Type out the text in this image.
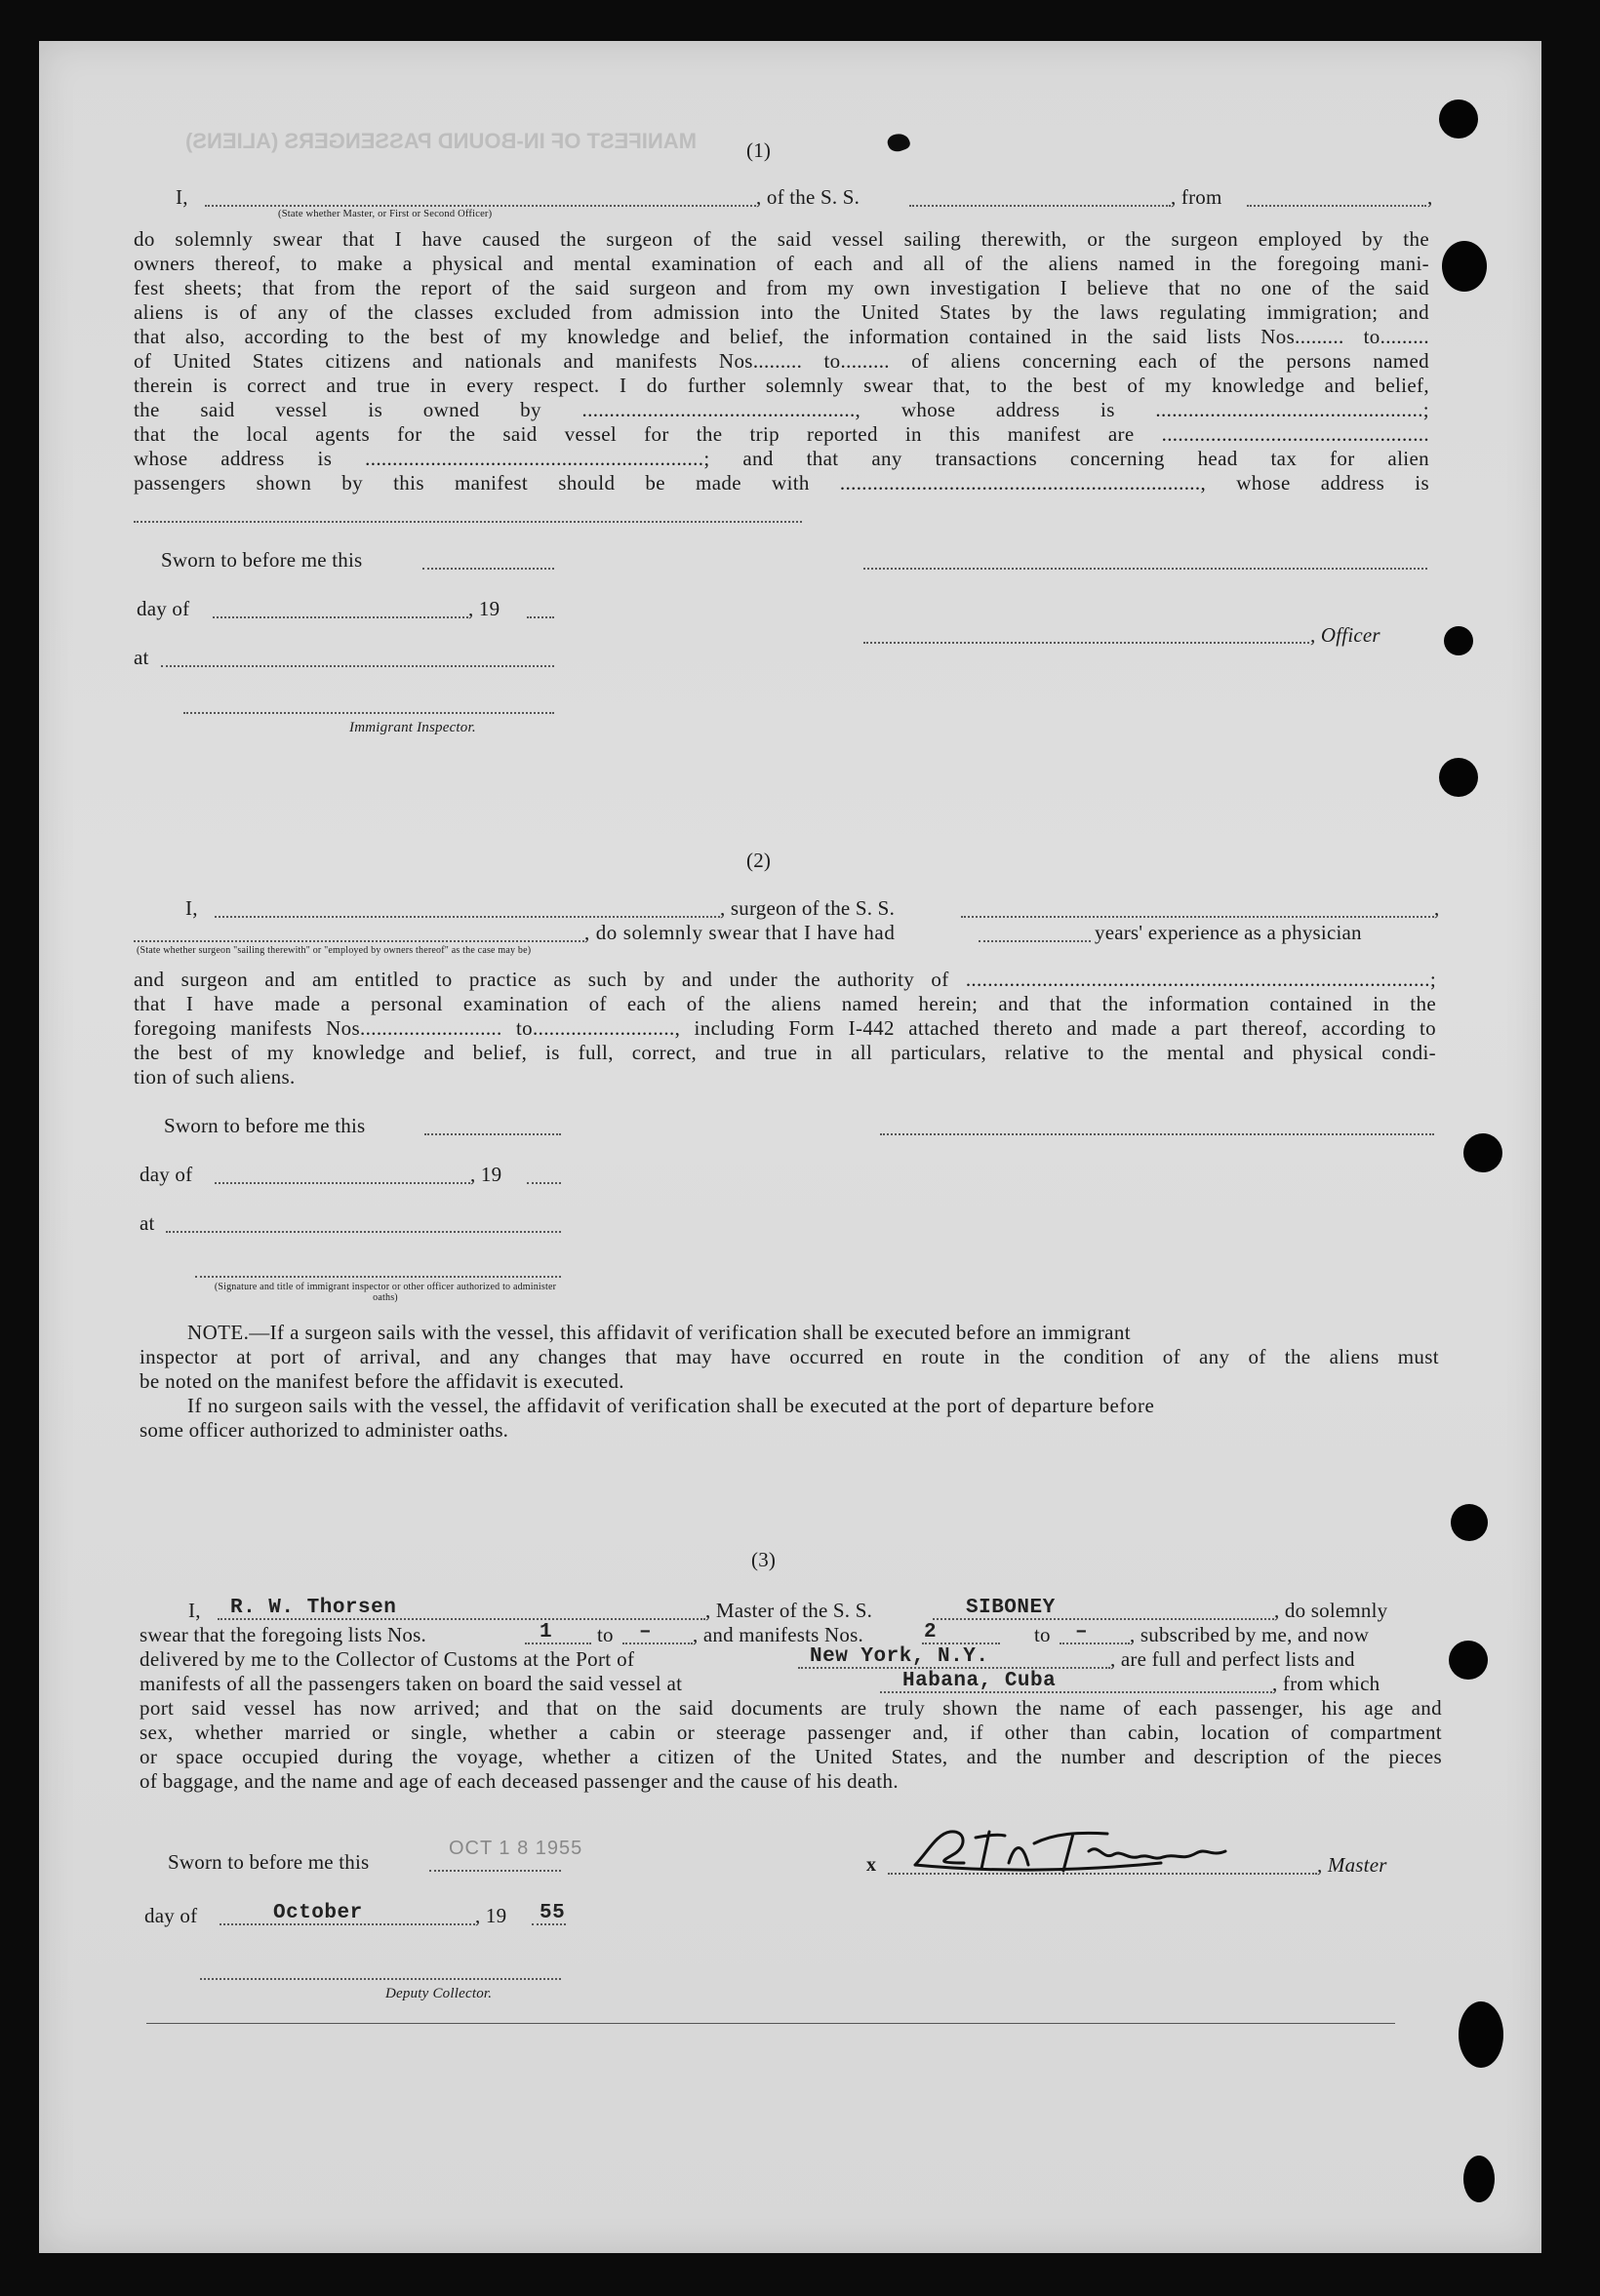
MANIFEST OF IN-BOUND PASSENGERS (ALIENS) (1)
I,	, of the S. S.	, from	,
(State whether Master, or First or Second Officer)
do solemnly swear that I have caused the surgeon of the said vessel sailing therewith, or the surgeon employed by the
owners thereof, to make a physical and mental examination of each and all of the aliens named in the foregoing mani-
fest sheets; that from the report of the said surgeon and from my own investigation I believe that no one of the said
aliens is of any of the classes excluded from admission into the United States by the laws regulating immigration; and
that also, according to the best of my knowledge and belief, the information contained in the said lists Nos......... to.........
of United States citizens and nationals and manifests Nos......... to......... of aliens concerning each of the persons named
therein is correct and true in every respect. I do further solemnly swear that, to the best of my knowledge and belief,
the said vessel is owned by .................................................., whose address is .................................................;
that the local agents for the said vessel for the trip reported in this manifest are .................................................
whose address is ..............................................................; and that any transactions concerning head tax for alien
passengers shown by this manifest should be made with .................................................................., whose address is
Sworn to before me this
day of	, 19
, Officer
at
Immigrant Inspector.
(2)
I,	, surgeon of the S. S.	,
, do solemnly swear that I have had	years' experience as a physician
(State whether surgeon "sailing therewith" or "employed by owners thereof" as the case may be)
and surgeon and am entitled to practice as such by and under the authority of .....................................................................................;
that I have made a personal examination of each of the aliens named herein; and that the information contained in the
foregoing manifests Nos.......................... to.........................., including Form I-442 attached thereto and made a part thereof, according to
the best of my knowledge and belief, is full, correct, and true in all particulars, relative to the mental and physical condi-
tion of such aliens.
Sworn to before me this
day of	, 19
at
(Signature and title of immigrant inspector or other officer authorized to administer oaths)
NOTE.—If a surgeon sails with the vessel, this affidavit of verification shall be executed before an immigrant
inspector at port of arrival, and any changes that may have occurred en route in the condition of any of the aliens must
be noted on the manifest before the affidavit is executed.
If no surgeon sails with the vessel, the affidavit of verification shall be executed at the port of departure before
some officer authorized to administer oaths.
(3)
I, R. W. Thorsen	, Master of the S. S.	SIBONEY	, do solemnly
swear that the foregoing lists Nos.	1 to – , and manifests Nos.	2	to – , subscribed by me, and now
delivered by me to the Collector of Customs at the Port of	New York, N.Y.	, are full and perfect lists and
manifests of all the passengers taken on board the said vessel at	Habana, Cuba	, from which
port said vessel has now arrived; and that on the said documents are truly shown the name of each passenger, his age and
sex, whether married or single, whether a cabin or steerage passenger and, if other than cabin, location of compartment
or space occupied during the voyage, whether a citizen of the United States, and the number and description of the pieces
of baggage, and the name and age of each deceased passenger and the cause of his death.
Sworn to before me this
OCT 1 8 1955
x	, Master
day of	October	, 19 55
Deputy Collector.
